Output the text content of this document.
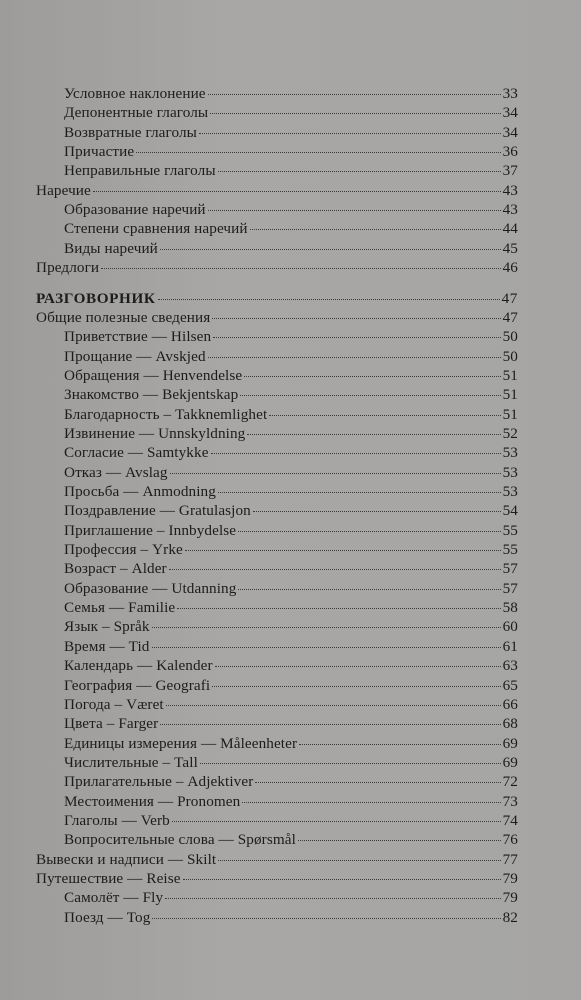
Условное наклонение	33
Депонентные глаголы	34
Возвратные глаголы	34
Причастие	36
Неправильные глаголы	37
Наречие	43
Образование наречий	43
Степени сравнения наречий	44
Виды наречий	45
Предлоги	46
РАЗГОВОРНИК	47
Общие полезные сведения	47
Приветствие — Hilsen	50
Прощание — Avskjed	50
Обращения — Henvendelse	51
Знакомство — Bekjentskap	51
Благодарность – Takknemlighet	51
Извинение — Unnskyldning	52
Согласие — Samtykke	53
Отказ — Avslag	53
Просьба — Anmodning	53
Поздравление — Gratulasjon	54
Приглашение – Innbydelse	55
Профессия – Yrke	55
Возраст – Alder	57
Образование — Utdanning	57
Семья — Familie	58
Язык – Språk	60
Время — Tid	61
Календарь — Kalender	63
География — Geografi	65
Погода – Været	66
Цвета – Farger	68
Единицы измерения — Måleenheter	69
Числительные – Tall	69
Прилагательные – Adjektiver	72
Местоимения — Pronomen	73
Глаголы — Verb	74
Вопросительные слова — Spørsmål	76
Вывески и надписи — Skilt	77
Путешествие — Reise	79
Самолёт — Fly	79
Поезд — Tog	82
